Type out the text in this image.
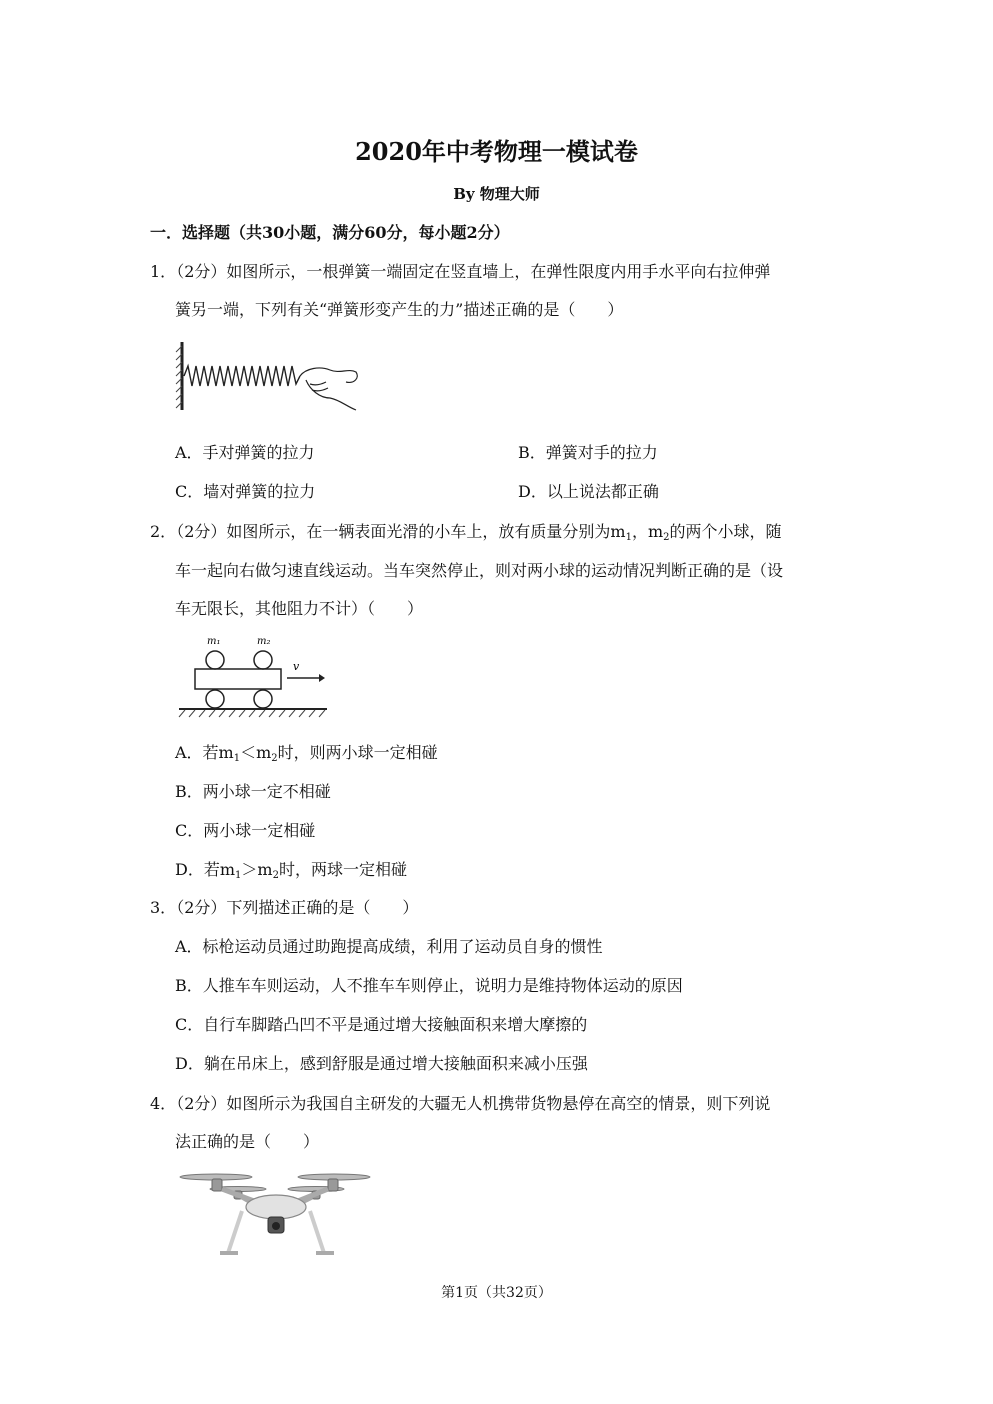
2020年中考物理一模试卷
By 物理大师
一．选择题（共30小题，满分60分，每小题2分）
1．（2分）如图所示，一根弹簧一端固定在竖直墙上，在弹性限度内用手水平向右拉伸弹
簧另一端，下列有关“弹簧形变产生的力”描述正确的是（　　）
A．手对弹簧的拉力	B．弹簧对手的拉力
C．墙对弹簧的拉力	D．以上说法都正确
2．（2分）如图所示，在一辆表面光滑的小车上，放有质量分别为$m_1$，$m_2$的两个小球，随
车一起向右做匀速直线运动。当车突然停止，则对两小球的运动情况判断正确的是（设
车无限长，其他阻力不计）（　　）
m₁	m₂
v
A．若$m_1<m_2$时，则两小球一定相碰
B．两小球一定不相碰
C．两小球一定相碰
D．若$m_1>m_2$时，两球一定相碰
3．（2分）下列描述正确的是（　　）
A．标枪运动员通过助跑提高成绩，利用了运动员自身的惯性
B．人推车车则运动，人不推车车则停止，说明力是维持物体运动的原因
C．自行车脚踏凸凹不平是通过增大接触面积来增大摩擦的
D．躺在吊床上，感到舒服是通过增大接触面积来减小压强
4．（2分）如图所示为我国自主研发的大疆无人机携带货物悬停在高空的情景，则下列说
法正确的是（　　）
第1页（共32页）
